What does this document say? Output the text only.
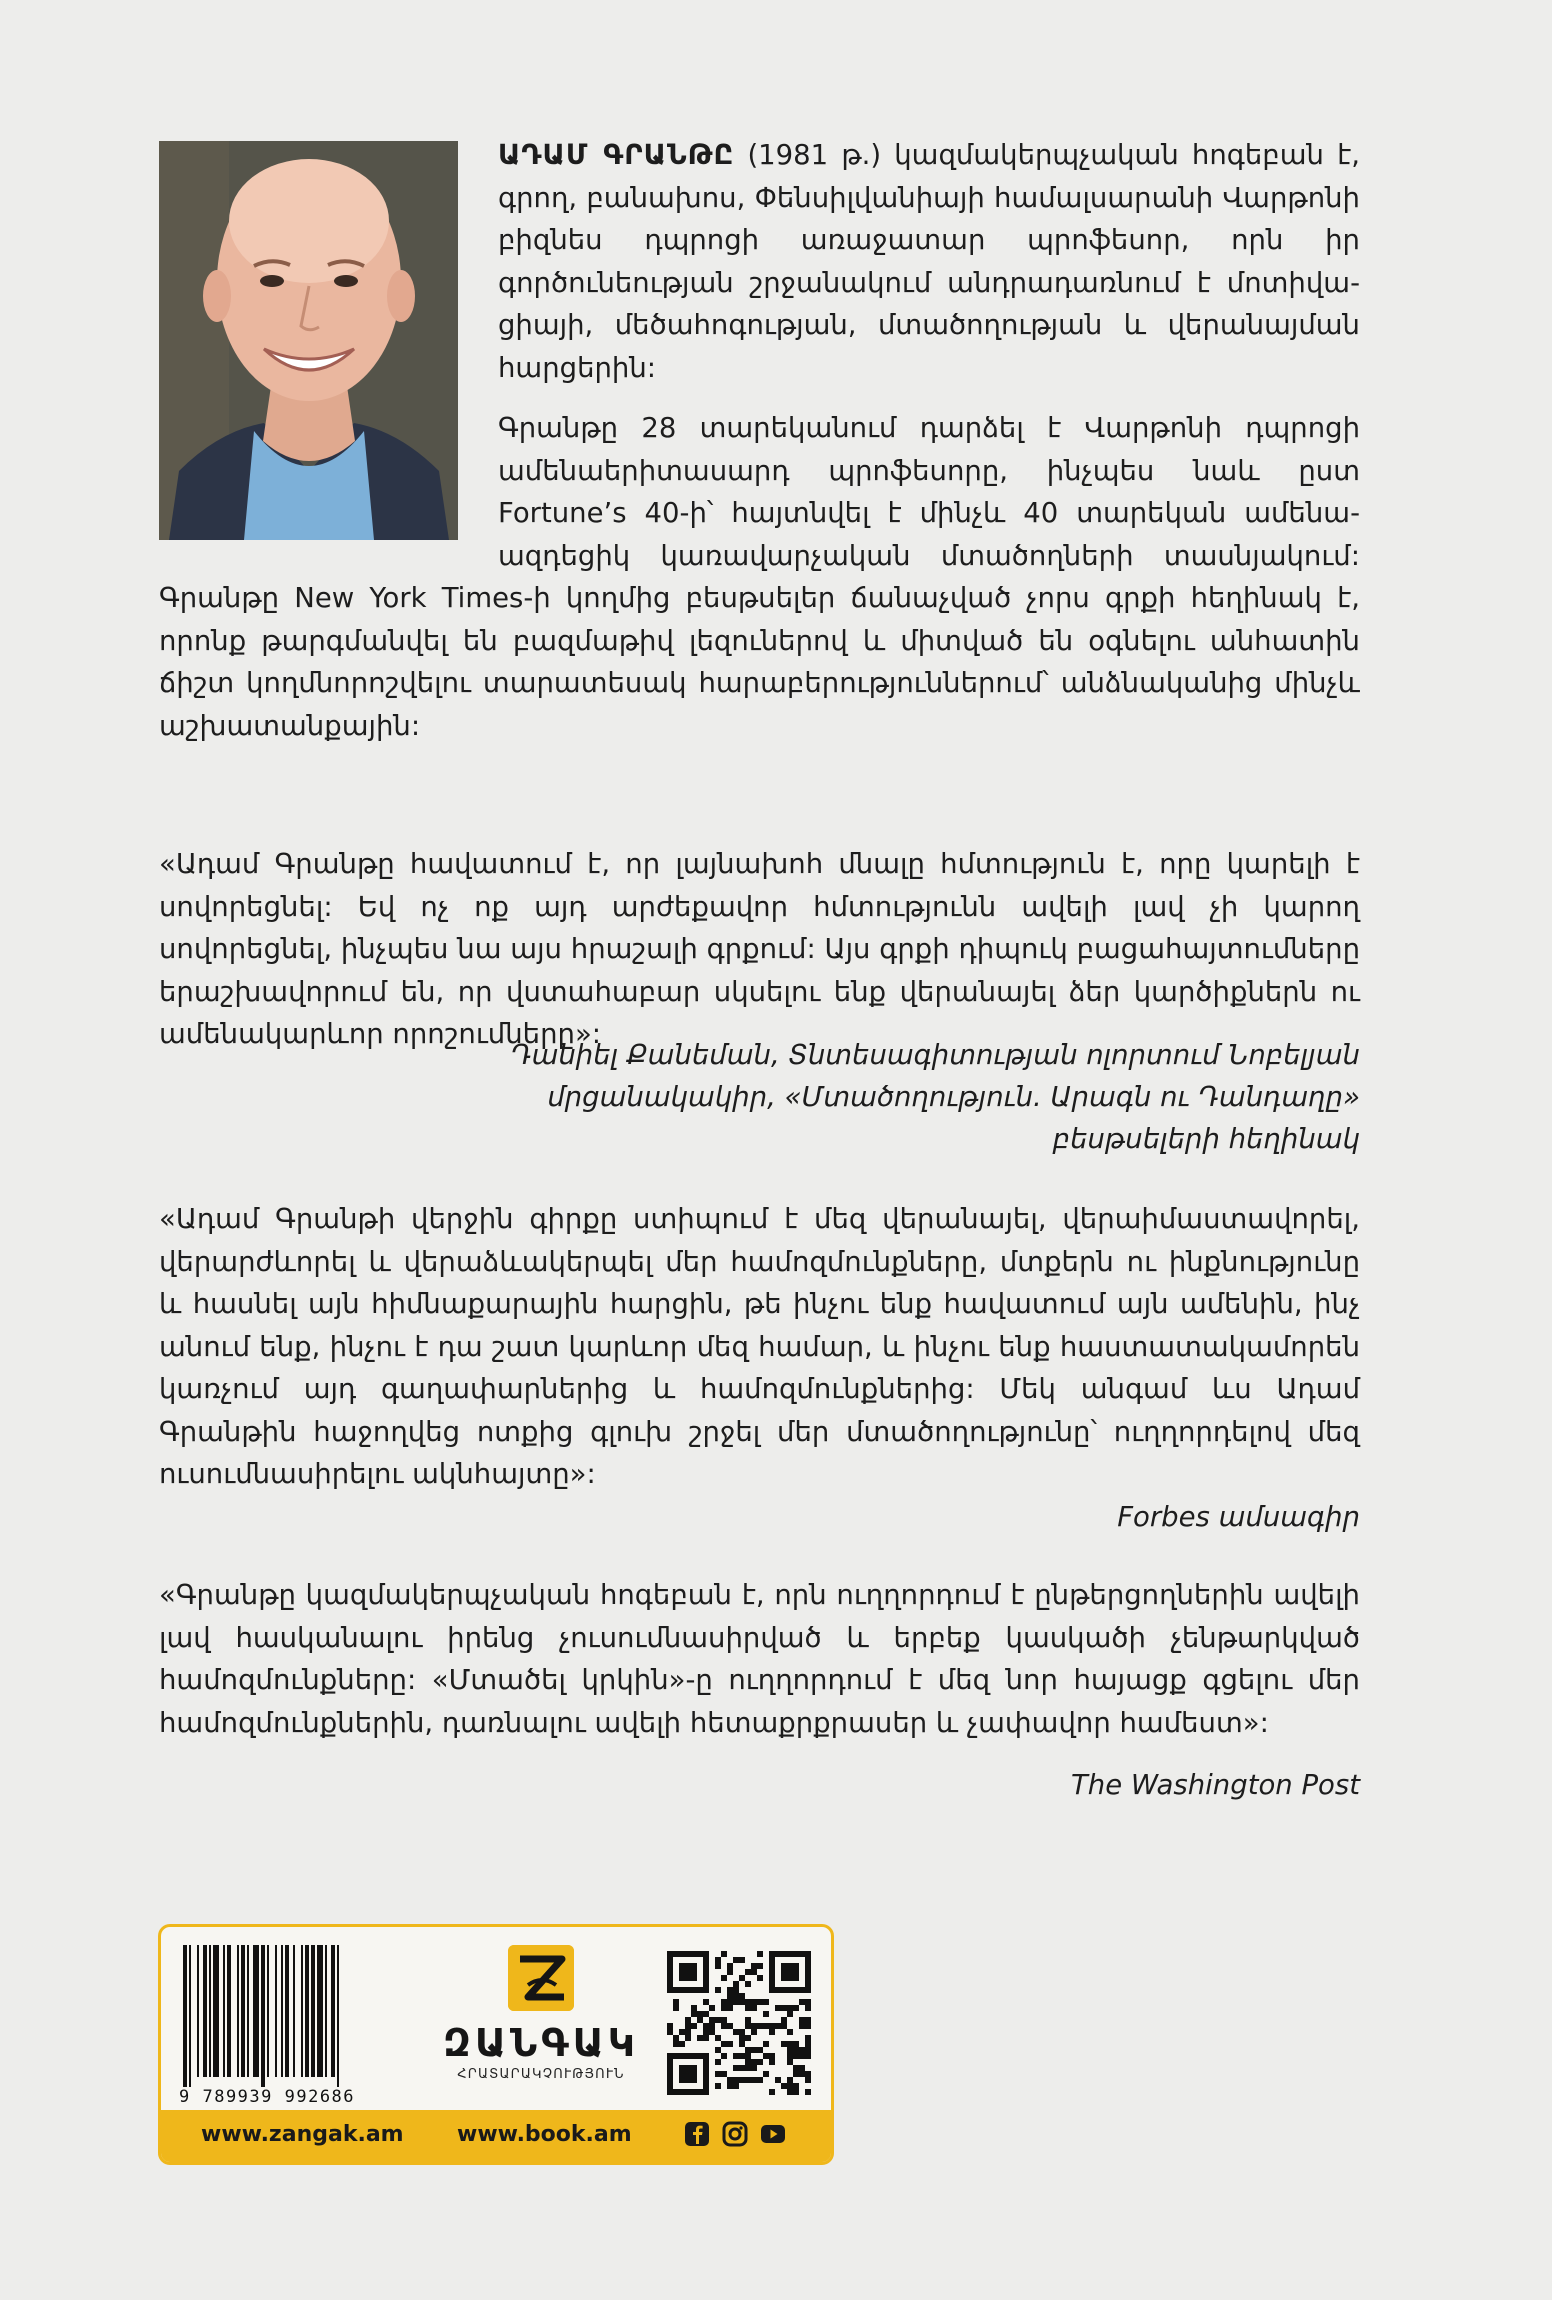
ԱԴԱՄ ԳՐԱՆԹԸ (1981 թ.) կազմակերպչական հոգեբան է, գրող, բանախոս, Փենսիլվանիայի համալսարանի Վարթոնի բիզնես դպրոցի առաջատար պրոֆեսոր, որն իր գործունեության շրջանակում անդրադառնում է մոտիվացիայի, մեծահոգության, մտածողության և վերանայման հարցերին:

Գրանթը 28 տարեկանում դարձել է Վարթոնի դպրոցի ամենաերիտասարդ պրոֆեսորը, ինչպես նաև ըստ Fortune’s 40-ի՝ հայտնվել է մինչև 40 տարեկան ամենաազդեցիկ կառավարչական մտածողների տասնյակում: Գրանթը New York Times-ի կողմից բեսթսելեր ճանաչված չորս գրքի հեղինակ է, որոնք թարգմանվել են բազմաթիվ լեզուներով և միտված են օգնելու անհատին ճիշտ կողմնորոշվելու տարատեսակ հարաբերություններում՝ անձնականից մինչև աշխատանքային:

«Ադամ Գրանթը հավատում է, որ լայնախոհ մնալը հմտություն է, որը կարելի է սովորեցնել: Եվ ոչ ոք այդ արժեքավոր հմտությունն ավելի լավ չի կարող սովորեցնել, ինչպես նա այս հրաշալի գրքում: Այս գրքի դիպուկ բացահայտումները երաշխավորում են, որ վստահաբար սկսելու ենք վերանայել ձեր կարծիքներն ու ամենակարևոր որոշումները»:

Դանիել Քանեման, Տնտեսագիտության ոլորտում Նոբելյան մրցանակակիր, «Մտածողություն. Արագն ու Դանդաղը» բեսթսելերի հեղինակ

«Ադամ Գրանթի վերջին գիրքը ստիպում է մեզ վերանայել, վերաիմաստավորել, վերարժևորել և վերաձևակերպել մեր համոզմունքները, մտքերն ու ինքնությունը և հասնել այն հիմնաքարային հարցին, թե ինչու ենք հավատում այն ամենին, ինչ անում ենք, ինչու է դա շատ կարևոր մեզ համար, և ինչու ենք հաստատակամորեն կառչում այդ գաղափարներից և համոզմունքներից: Մեկ անգամ ևս Ադամ Գրանթին հաջողվեց ոտքից գլուխ շրջել մեր մտածողությունը՝ ուղղորդելով մեզ ուսումնասիրելու ակնհայտը»:

Forbes ամսագիր

«Գրանթը կազմակերպչական հոգեբան է, որն ուղղորդում է ընթերցողներին ավելի լավ հասկանալու իրենց չուսումնասիրված և երբեք կասկածի չենթարկված համոզմունքները: «Մտածել կրկին»-ը ուղղորդում է մեզ նոր հայացք գցելու մեր համոզմունքներին, դառնալու ավելի հետաքրքրասեր և չափավոր համեստ»:

The Washington Post

9 789939 992686
ԶԱՆԳԱԿ
ՀՐԱՏԱՐԱԿՉՈՒԹՅՈՒՆ
www.zangak.am www.book.am
